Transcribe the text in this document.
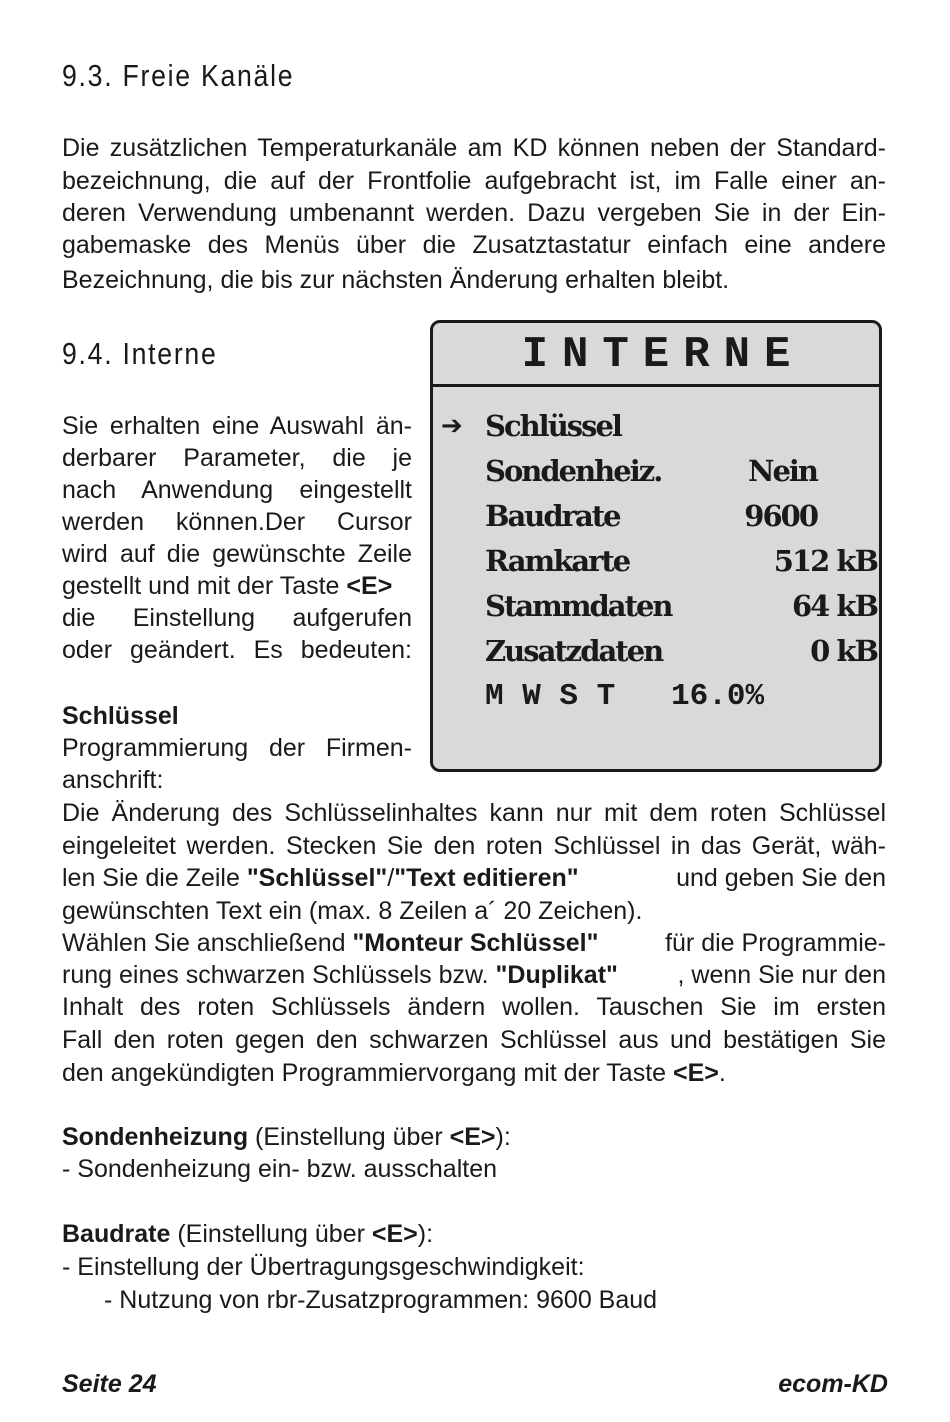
9.3. Freie Kanäle

Die zusätzlichen Temperaturkanäle am KD können neben der Standard-

bezeichnung, die auf der Frontfolie aufgebracht ist, im Falle einer an-

deren Verwendung umbenannt werden. Dazu vergeben Sie in der Ein-

gabemaske des Menüs über die Zusatztastatur einfach eine andere

Bezeichnung, die bis zur nächsten Änderung erhalten bleibt.

9.4. Interne

Sie erhalten eine Auswahl än-

derbarer Parameter, die je

nach Anwendung eingestellt

werden können.Der Cursor

wird auf die gewünschte Zeile

gestellt und mit der Taste <E>

die Einstellung aufgerufen

oder geändert. Es bedeuten:

INTERNE
➔ Schlüssel
Sondenheiz.	Nein
Baudrate	9600
Ramkarte	512 kB
Stammdaten	64 kB
Zusatzdaten	0 kB
M W S T   16.0%

Schlüssel

Programmierung der Firmen-

anschrift:

Die Änderung des Schlüsselinhaltes kann nur mit dem roten Schlüssel

eingeleitet werden. Stecken Sie den roten Schlüssel in das Gerät, wäh-

len Sie die Zeile "Schlüssel"/"Text editieren"	und geben Sie den

gewünschten Text ein (max. 8 Zeilen a´ 20 Zeichen).

Wählen Sie anschließend "Monteur Schlüssel" für die Programmie-

rung eines schwarzen Schlüssels bzw. "Duplikat" , wenn Sie nur den

Inhalt des roten Schlüssels ändern wollen. Tauschen Sie im ersten

Fall den roten gegen den schwarzen Schlüssel aus und bestätigen Sie

den angekündigten Programmiervorgang mit der Taste <E>.

Sondenheizung (Einstellung über <E>):

- Sondenheizung ein- bzw. ausschalten

Baudrate (Einstellung über <E>):

- Einstellung der Übertragungsgeschwindigkeit:

- Nutzung von rbr-Zusatzprogrammen: 9600 Baud

Seite 24	ecom-KD
